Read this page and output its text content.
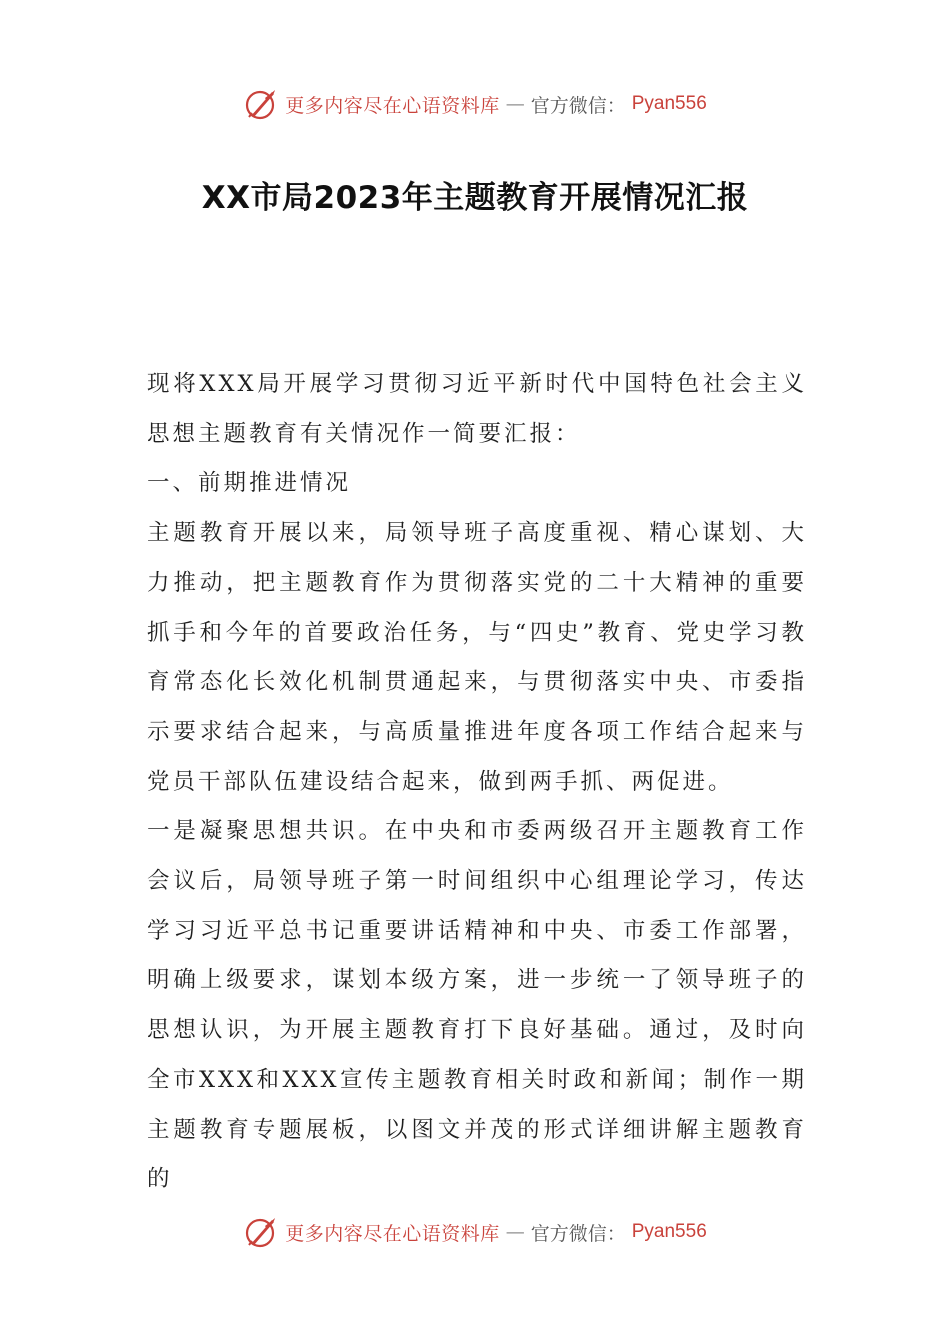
更多内容尽在心语资料库 — 官方微信： Pyan556
XX市局2023年主题教育开展情况汇报

现将XXX局开展学习贯彻习近平新时代中国特色社会主义思想主题教育有关情况作一简要汇报：

一、前期推进情况

主题教育开展以来，局领导班子高度重视、精心谋划、大力推动，把主题教育作为贯彻落实党的二十大精神的重要抓手和今年的首要政治任务，与“四史”教育、党史学习教育常态化长效化机制贯通起来，与贯彻落实中央、市委指示要求结合起来，与高质量推进年度各项工作结合起来与党员干部队伍建设结合起来，做到两手抓、两促进。

一是凝聚思想共识。在中央和市委两级召开主题教育工作会议后，局领导班子第一时间组织中心组理论学习，传达学习习近平总书记重要讲话精神和中央、市委工作部署，明确上级要求，谋划本级方案，进一步统一了领导班子的思想认识，为开展主题教育打下良好基础。通过，及时向全市XXX和XXX宣传主题教育相关时政和新闻；制作一期主题教育专题展板，以图文并茂的形式详细讲解主题教育的

更多内容尽在心语资料库 — 官方微信： Pyan556
